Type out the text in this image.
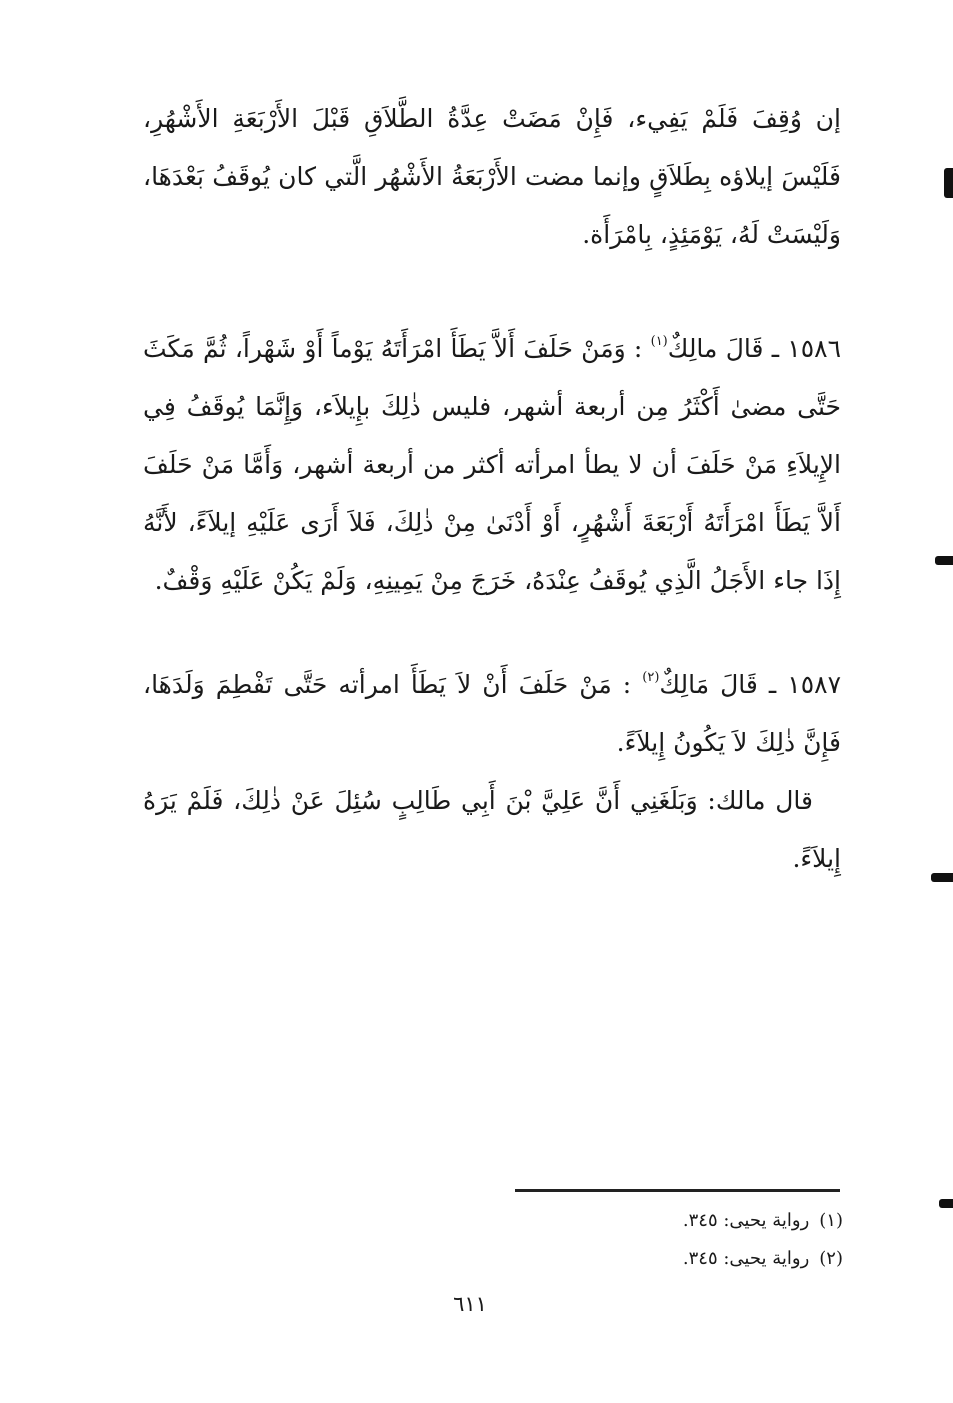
إن وُقِفَ فَلَمْ يَفِيء، فَإِنْ مَضَتْ عِدَّةُ الطَّلاَقِ قَبْلَ الأَرْبَعَةِ الأَشْهُرِ، فَلَيْسَ إيلاؤه بِطَلاَقٍ وإنما مضت الأَرْبَعَةُ الأَشْهُر الَّتي كان يُوقَفُ بَعْدَهَا، وَلَيْسَتْ لَهُ، يَوْمَئِذٍ، بِامْرَأَة.

١٥٨٦ ـ قَالَ مالِكٌ$^{(١)}$ : وَمَنْ حَلَفَ أَلاَّ يَطَأَ امْرَأَتَهُ يَوْماً أَوْ شَهْراً، ثُمَّ مَكَثَ حَتَّى مضىٰ أَكْثَرُ مِن أربعة أشهر، فليس ذٰلِكَ بإِيلاَء، وَإِنَّمَا يُوقَفُ فِي الإِيلاَءِ مَنْ حَلَفَ أن لا يطأ امرأته أكثر من أربعة أشهر، وَأَمَّا مَنْ حَلَفَ أَلاَّ يَطَأَ امْرَأَتَهُ أَرْبَعَةَ أَشْهُرٍ، أَوْ أَدْنَىٰ مِنْ ذٰلِكَ، فَلاَ أَرَى عَلَيْهِ إيلاَءً، لأَنَّهُ إِذَا جاء الأَجَلُ الَّذِي يُوقَفُ عِنْدَهُ، خَرَجَ مِنْ يَمِينِهِ، وَلَمْ يَكُنْ عَلَيْهِ وَقْفٌ.

١٥٨٧ ـ قَالَ مَالِكٌ$^{(٢)}$ : مَنْ حَلَفَ أَنْ لاَ يَطَأَ امرأته حَتَّى تَفْطِمَ وَلَدَهَا، فَإِنَّ ذٰلِكَ لاَ يَكُونُ إِيلاَءً.

قال مالك: وَبَلَغَنِي أَنَّ عَلِيَّ بْنَ أَبِي طَالِبٍ سُئِلَ عَنْ ذٰلِكَ، فَلَمْ يَرَهُ إِيلاَءً.

(١)رواية يحيى: ٣٤٥.

(٢)رواية يحيى: ٣٤٥.

٦١١
